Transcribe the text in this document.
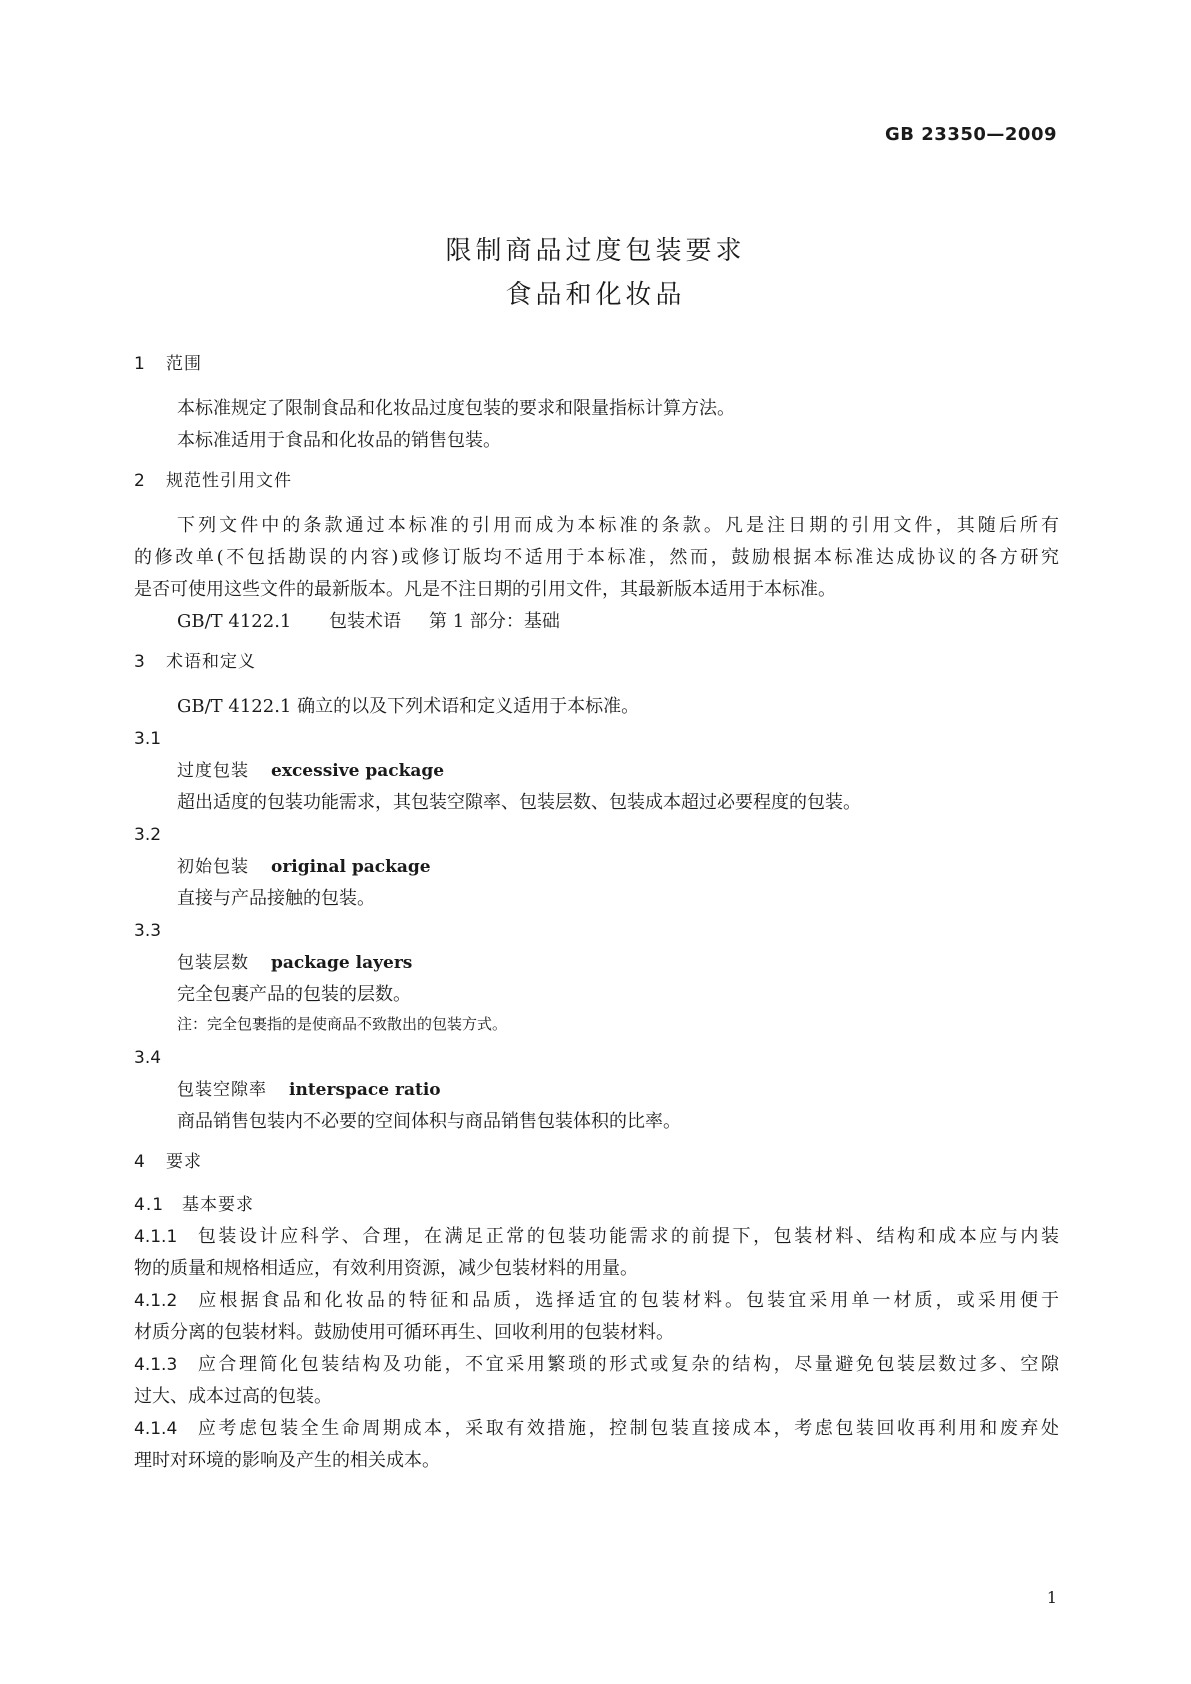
GB 23350—2009
限制商品过度包装要求
食品和化妆品
1 范围
本标准规定了限制食品和化妆品过度包装的要求和限量指标计算方法。
本标准适用于食品和化妆品的销售包装。
2 规范性引用文件
下列文件中的条款通过本标准的引用而成为本标准的条款。凡是注日期的引用文件，其随后所有
的修改单(不包括勘误的内容)或修订版均不适用于本标准，然而，鼓励根据本标准达成协议的各方研究
是否可使用这些文件的最新版本。凡是不注日期的引用文件，其最新版本适用于本标准。
GB/T 4122.1 包装术语 第 1 部分：基础
3 术语和定义
GB/T 4122.1 确立的以及下列术语和定义适用于本标准。
3.1
过度包装 excessive package
超出适度的包装功能需求，其包装空隙率、包装层数、包装成本超过必要程度的包装。
3.2
初始包装 original package
直接与产品接触的包装。
3.3
包装层数 package layers
完全包裹产品的包装的层数。
注：完全包裹指的是使商品不致散出的包装方式。
3.4
包装空隙率 interspace ratio
商品销售包装内不必要的空间体积与商品销售包装体积的比率。
4 要求
4.1 基本要求
4.1.1 包装设计应科学、合理，在满足正常的包装功能需求的前提下，包装材料、结构和成本应与内装
物的质量和规格相适应，有效利用资源，减少包装材料的用量。
4.1.2 应根据食品和化妆品的特征和品质，选择适宜的包装材料。包装宜采用单一材质，或采用便于
材质分离的包装材料。鼓励使用可循环再生、回收利用的包装材料。
4.1.3 应合理简化包装结构及功能，不宜采用繁琐的形式或复杂的结构，尽量避免包装层数过多、空隙
过大、成本过高的包装。
4.1.4 应考虑包装全生命周期成本，采取有效措施，控制包装直接成本，考虑包装回收再利用和废弃处
理时对环境的影响及产生的相关成本。
1
